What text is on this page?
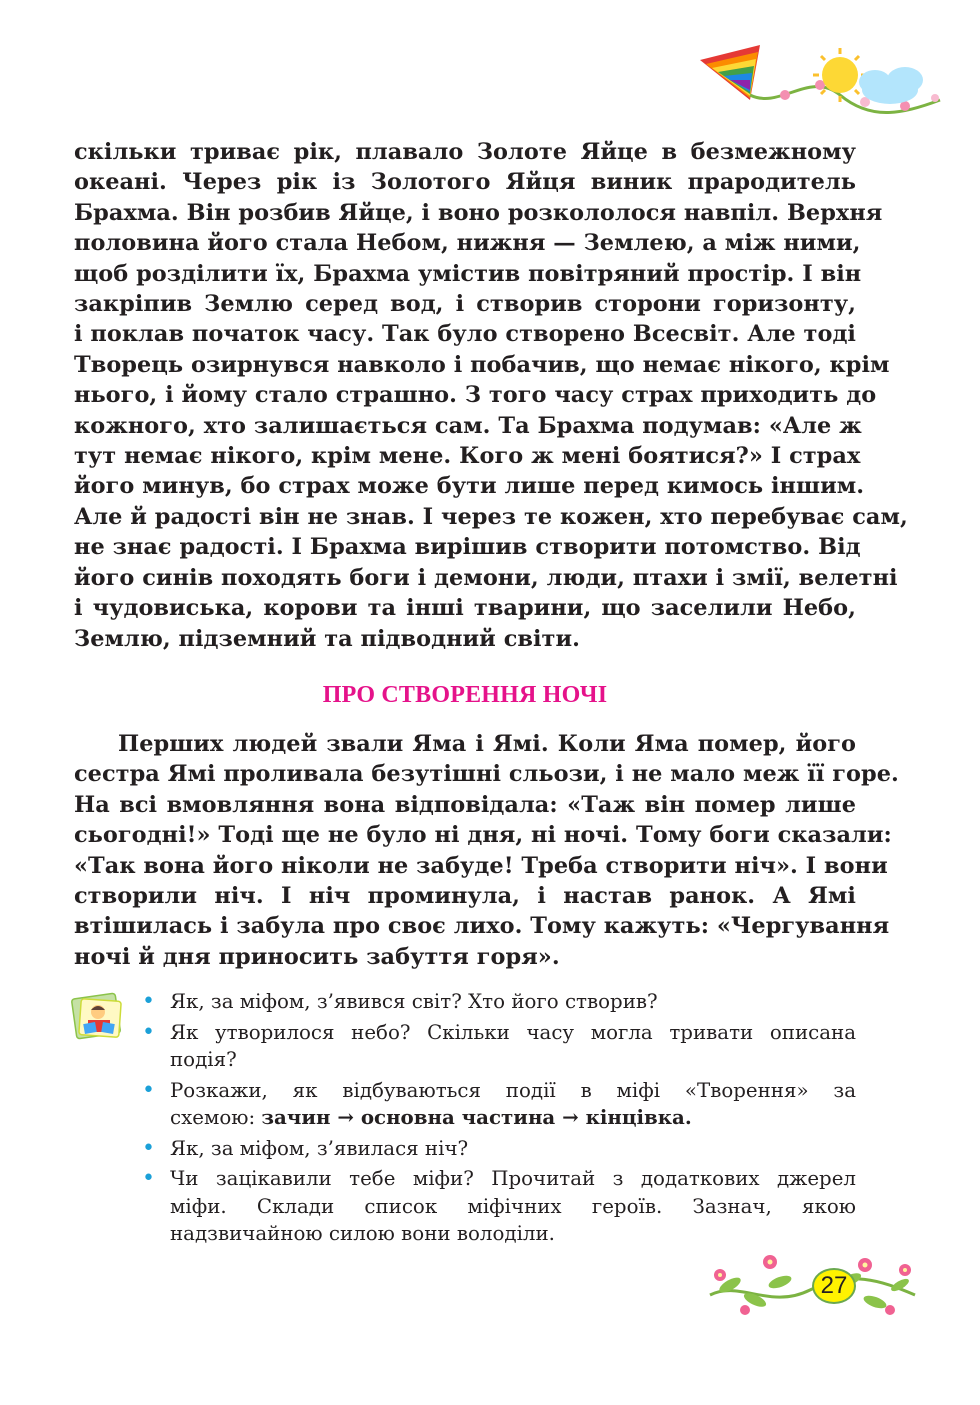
скільки триває рік, плавало Золоте Яйце в безмежному
океані. Через рік із Золотого Яйця виник прародитель
Брахма. Він розбив Яйце, і воно розкололося навпіл. Верхня
половина його стала Небом, нижня — Землею, а між ними,
щоб розділити їх, Брахма умістив повітряний простір. І він
закріпив Землю серед вод, і створив сторони горизонту,
і поклав початок часу. Так було створено Всесвіт. Але тоді
Творець озирнувся навколо і побачив, що немає нікого, крім
нього, і йому стало страшно. З того часу страх приходить до
кожного, хто залишається сам. Та Брахма подумав: «Але ж
тут немає нікого, крім мене. Кого ж мені боятися?» І страх
його минув, бо страх може бути лише перед кимось іншим.
Але й радості він не знав. І через те кожен, хто перебуває сам,
не знає радості. І Брахма вирішив створити потомство. Від
його синів походять боги і демони, люди, птахи і змії, велетні
і чудовиська, корови та інші тварини, що заселили Небо,
Землю, підземний та підводний світи.
ПРО СТВОРЕННЯ НОЧІ
Перших людей звали Яма і Ямі. Коли Яма помер, його
сестра Ямі проливала безутішні сльози, і не мало меж її горе.
На всі вмовляння вона відповідала: «Таж він помер лише
сьогодні!» Тоді ще не було ні дня, ні ночі. Тому боги сказали:
«Так вона його ніколи не забуде! Треба створити ніч». І вони
створили ніч. І ніч проминула, і настав ранок. А Ямі
втішилась і забула про своє лихо. Тому кажуть: «Чергування
ночі й дня приносить забуття горя».
• Як, за міфом, з’явився світ? Хто його створив?
• Як утворилося небо? Скільки часу могла тривати описана
подія?
• Розкажи, як відбуваються події в міфі «Творення» за
схемою: зачин → основна частина → кінцівка.
• Як, за міфом, з’явилася ніч?
• Чи зацікавили тебе міфи? Прочитай з додаткових джерел
міфи. Склади список міфічних героїв. Зазнач, якою
надзвичайною силою вони володіли.
27
